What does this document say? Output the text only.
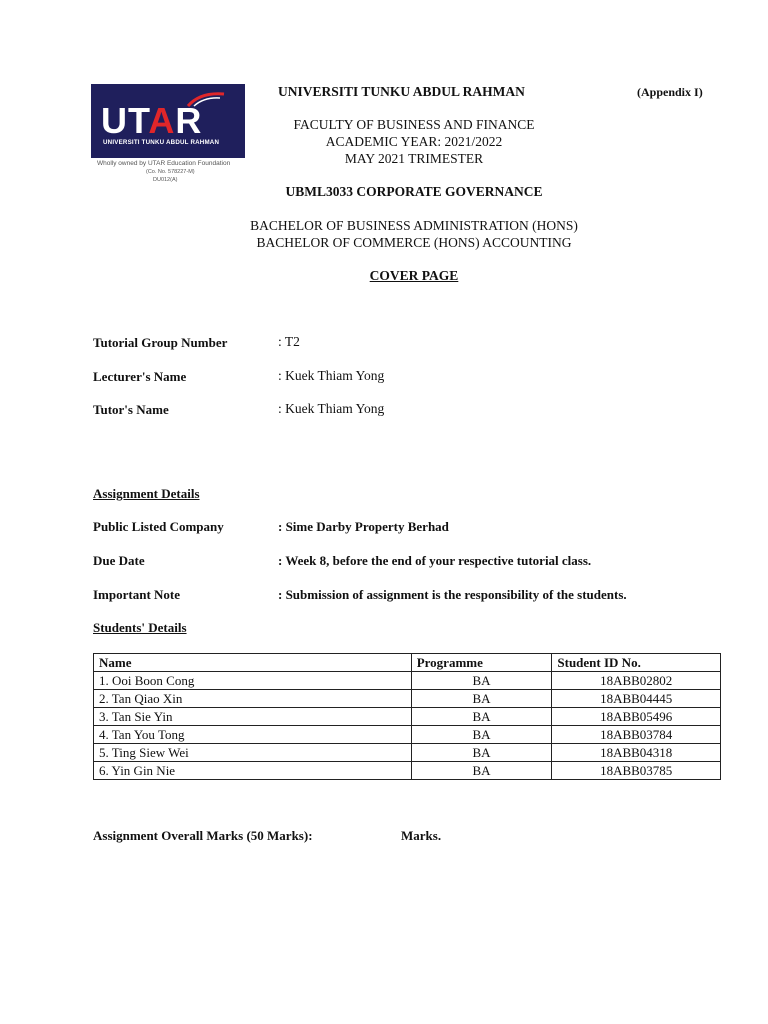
UTAR
UNIVERSITI TUNKU ABDUL RAHMAN
Wholly owned by UTAR Education Foundation
(Co. No. 578227-M)
DU012(A)
UNIVERSITI TUNKU ABDUL RAHMAN	(Appendix I)
FACULTY OF BUSINESS AND FINANCE
ACADEMIC YEAR: 2021/2022
MAY 2021 TRIMESTER
UBML3033 CORPORATE GOVERNANCE
BACHELOR OF BUSINESS ADMINISTRATION (HONS)
BACHELOR OF COMMERCE (HONS) ACCOUNTING
COVER PAGE
Tutorial Group Number	: T2
Lecturer's Name	: Kuek Thiam Yong
Tutor's Name	: Kuek Thiam Yong
Assignment Details
Public Listed Company	: Sime Darby Property Berhad
Due Date	: Week 8, before the end of your respective tutorial class.
Important Note	: Submission of assignment is the responsibility of the students.
Students' Details
Name	Programme	Student ID No.
1. Ooi Boon Cong	BA	18ABB02802
2. Tan Qiao Xin	BA	18ABB04445
3. Tan Sie Yin	BA	18ABB05496
4. Tan You Tong	BA	18ABB03784
5. Ting Siew Wei	BA	18ABB04318
6. Yin Gin Nie	BA	18ABB03785
Assignment Overall Marks (50 Marks):	Marks.
